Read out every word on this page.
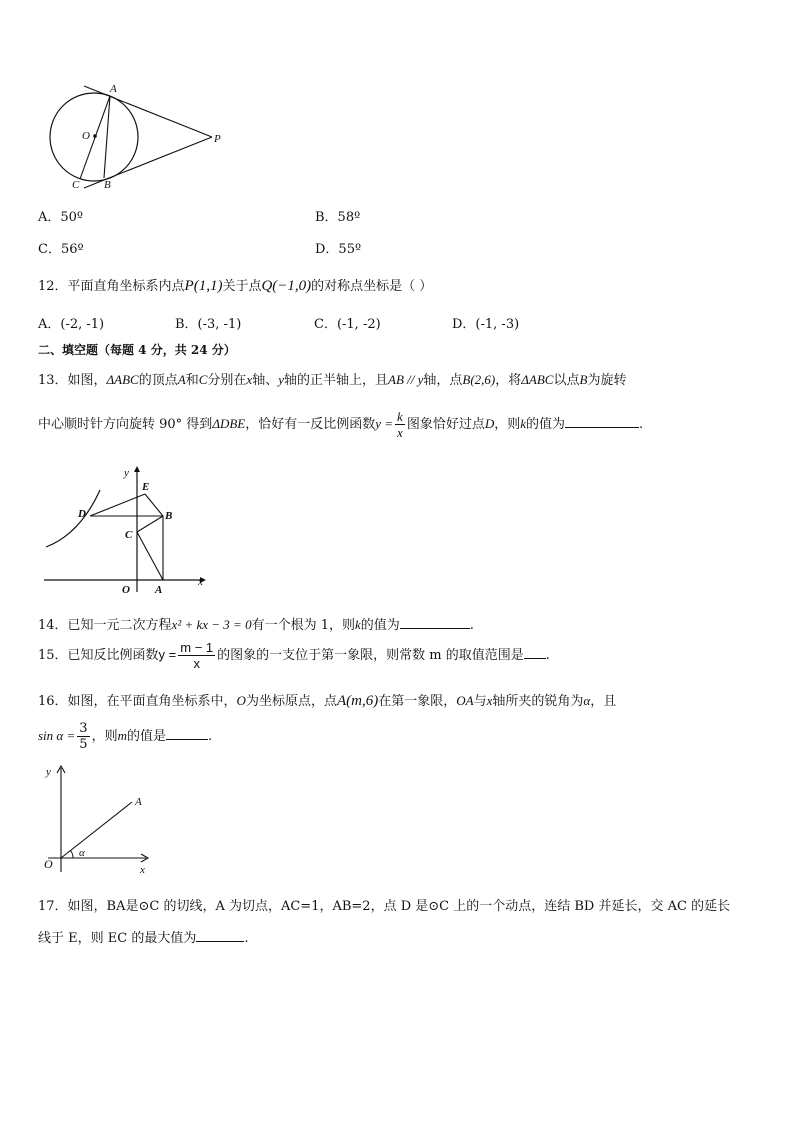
A
O	P
C B
A．50º	B．58º
C．56º	D．55º
12．平面直角坐标系内点P(1,1)关于点Q(−1,0)的对称点坐标是（ ）
A．(-2, -1)	B．(-3, -1)	C．(-1, -2)	D．(-1, -3)
二、填空题（每题 4 分，共 24 分）
13．如图，ΔABC的顶点A和C分别在x轴、y轴的正半轴上，且AB // y轴，点B(2,6)，将ΔABC以点B为旋转
中心顺时针方向旋转 90° 得到ΔDBE，恰好有一反比例函数$y = \frac{k}{x}$ 图象恰好过点D，则k的值为	.
y
x
E
D	B
C
O A
14．已知一元二次方程x² + kx − 3 = 0有一个根为 1，则k的值为	.
15．已知反比例函数$y = \frac{m - 1}{x}$ 的图象的一支位于第一象限，则常数 m 的取值范围是 .
16．如图，在平面直角坐标系中，O为坐标原点，点A(m,6)在第一象限，OA与x轴所夹的锐角为α，且
$\sin \alpha = \frac{3}{5}$ ，则m的值是	.
y
x
O
A
α
17．如图，BA是⊙C 的切线，A 为切点，AC=1，AB=2，点 D 是⊙C 上的一个动点，连结 BD 并延长，交 AC 的延长
线于 E，则 EC 的最大值为	.
